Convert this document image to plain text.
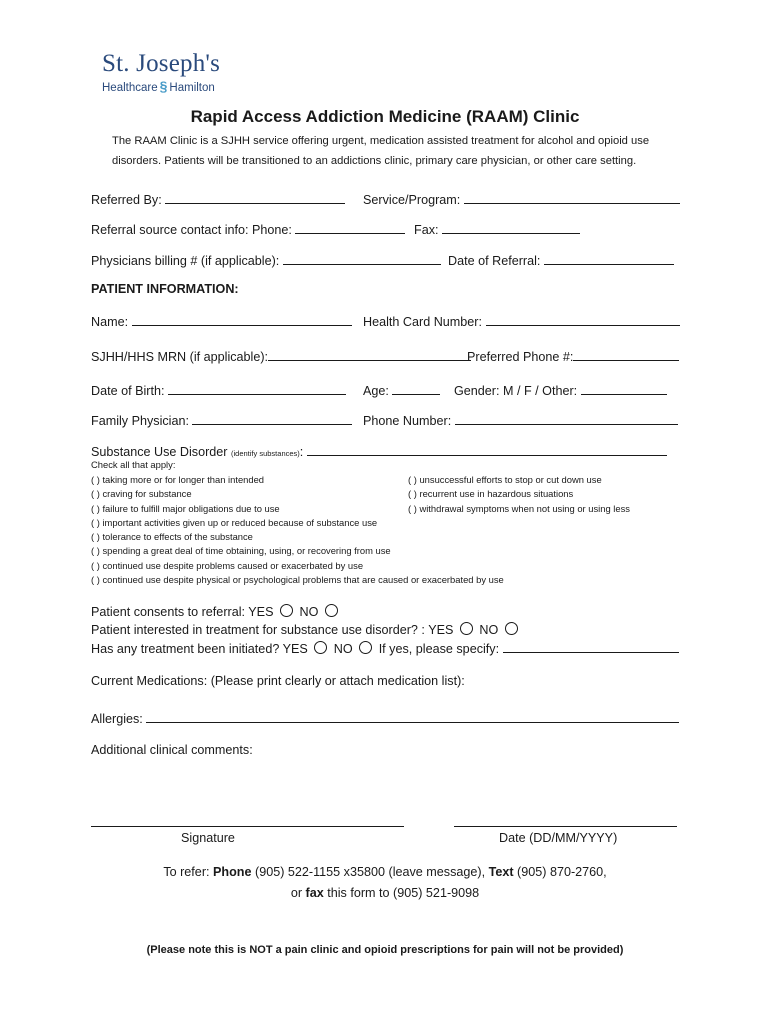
St. Joseph's
Healthcare § Hamilton
Rapid Access Addiction Medicine (RAAM) Clinic
The RAAM Clinic is a SJHH service offering urgent, medication assisted treatment for alcohol and opioid use
disorders. Patients will be transitioned to an addictions clinic, primary care physician, or other care setting.
Referred By:	Service/Program:
Referral source contact info: Phone:	Fax:
Physicians billing # (if applicable):	Date of Referral:
PATIENT INFORMATION:
Name:	Health Card Number:
SJHH/HHS MRN (if applicable):	Preferred Phone #:
Date of Birth:	Age:	Gender: M / F / Other:
Family Physician:	Phone Number:
Substance Use Disorder (identify substances):
Check all that apply:
( ) taking more or for longer than intended
( ) craving for substance
( ) failure to fulfill major obligations due to use
( ) important activities given up or reduced because of substance use
( ) tolerance to effects of the substance
( ) spending a great deal of time obtaining, using, or recovering from use
( ) continued use despite problems caused or exacerbated by use
( ) continued use despite physical or psychological problems that are caused or exacerbated by use
( ) unsuccessful efforts to stop or cut down use
( ) recurrent use in hazardous situations
( ) withdrawal symptoms when not using or using less
Patient consents to referral: YES NO
Patient interested in treatment for substance use disorder? : YES NO
Has any treatment been initiated? YES NO If yes, please specify:
Current Medications: (Please print clearly or attach medication list):
Allergies:
Additional clinical comments:
Signature	Date (DD/MM/YYYY)
To refer: Phone (905) 522-1155 x35800 (leave message), Text (905) 870-2760,
or fax this form to (905) 521-9098
(Please note this is NOT a pain clinic and opioid prescriptions for pain will not be provided)
